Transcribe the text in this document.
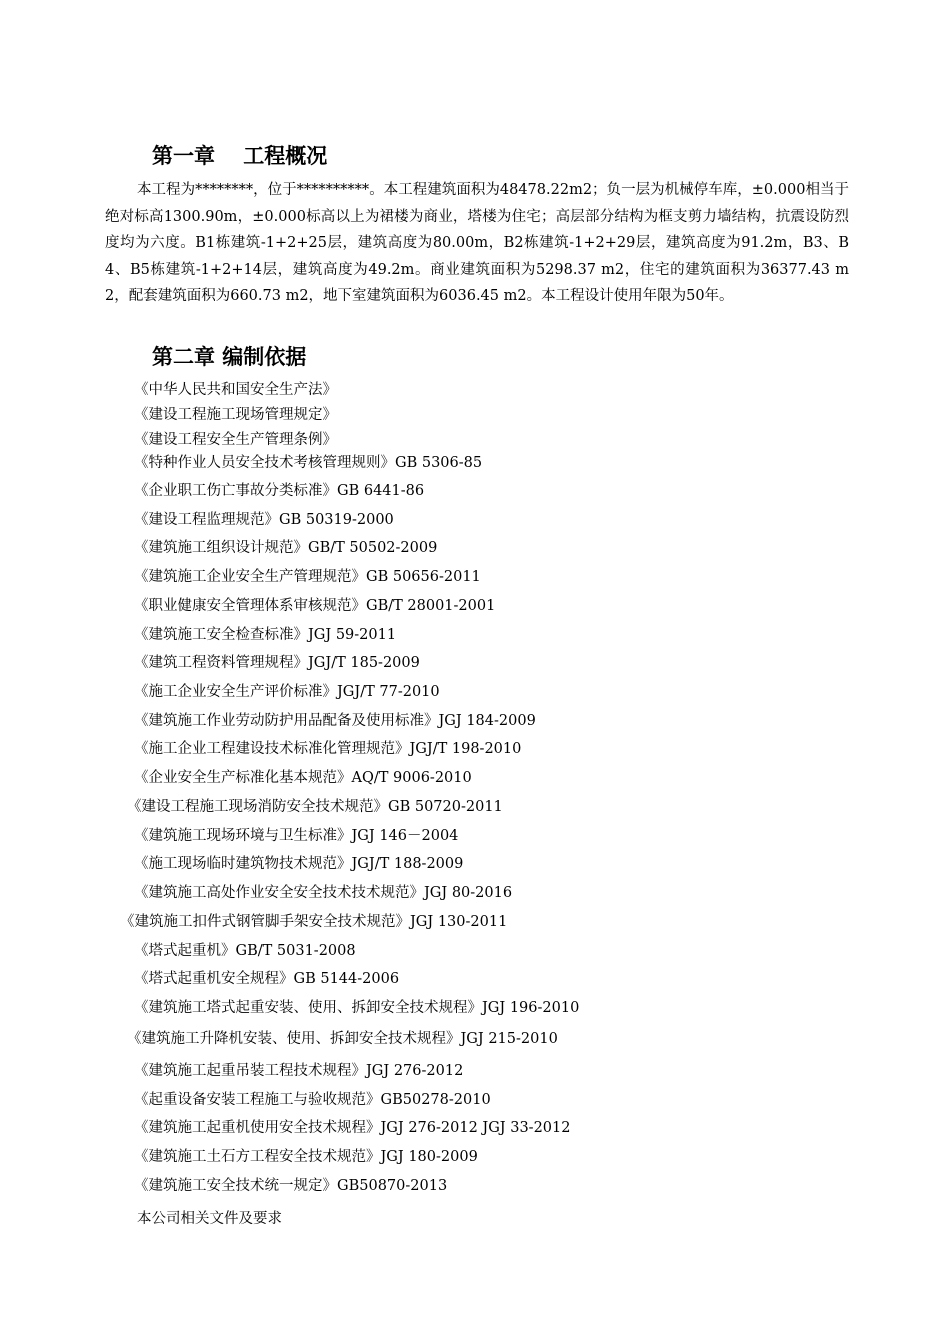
第一章　 工程概况

本工程为********，位于**********。本工程建筑面积为48478.22m2；负一层为机械停车库，±0.000相当于绝对标高1300.90m，±0.000标高以上为裙楼为商业，塔楼为住宅；高层部分结构为框支剪力墙结构，抗震设防烈度均为六度。B1栋建筑-1+2+25层，建筑高度为80.00m，B2栋建筑-1+2+29层，建筑高度为91.2m，B3、B4、B5栋建筑-1+2+14层，建筑高度为49.2m。商业建筑面积为5298.37 m2，住宅的建筑面积为36377.43 m2，配套建筑面积为660.73 m2，地下室建筑面积为6036.45 m2。本工程设计使用年限为50年。

第二章 编制依据
《中华人民共和国安全生产法》
《建设工程施工现场管理规定》
《建设工程安全生产管理条例》
《特种作业人员安全技术考核管理规则》GB 5306-85
《企业职工伤亡事故分类标准》GB 6441-86
《建设工程监理规范》GB 50319-2000
《建筑施工组织设计规范》GB/T 50502-2009
《建筑施工企业安全生产管理规范》GB 50656-2011
《职业健康安全管理体系审核规范》GB/T 28001-2001
《建筑施工安全检查标准》JGJ 59-2011
《建筑工程资料管理规程》JGJ/T 185-2009
《施工企业安全生产评价标准》JGJ/T 77-2010
《建筑施工作业劳动防护用品配备及使用标准》JGJ 184-2009
《施工企业工程建设技术标准化管理规范》JGJ/T 198-2010
《企业安全生产标准化基本规范》AQ/T 9006-2010
《建设工程施工现场消防安全技术规范》GB 50720-2011
《建筑施工现场环境与卫生标准》JGJ 146－2004
《施工现场临时建筑物技术规范》JGJ/T 188-2009
《建筑施工高处作业安全安全技术技术规范》JGJ 80-2016
《建筑施工扣件式钢管脚手架安全技术规范》JGJ 130-2011
《塔式起重机》GB/T 5031-2008
《塔式起重机安全规程》GB 5144-2006
《建筑施工塔式起重安装、使用、拆卸安全技术规程》JGJ 196-2010
《建筑施工升降机安装、使用、拆卸安全技术规程》JGJ 215-2010
《建筑施工起重吊装工程技术规程》JGJ 276-2012
《起重设备安装工程施工与验收规范》GB50278-2010
《建筑施工起重机使用安全技术规程》JGJ 276-2012 JGJ 33-2012
《建筑施工土石方工程安全技术规范》JGJ 180-2009
《建筑施工安全技术统一规定》GB50870-2013
本公司相关文件及要求
